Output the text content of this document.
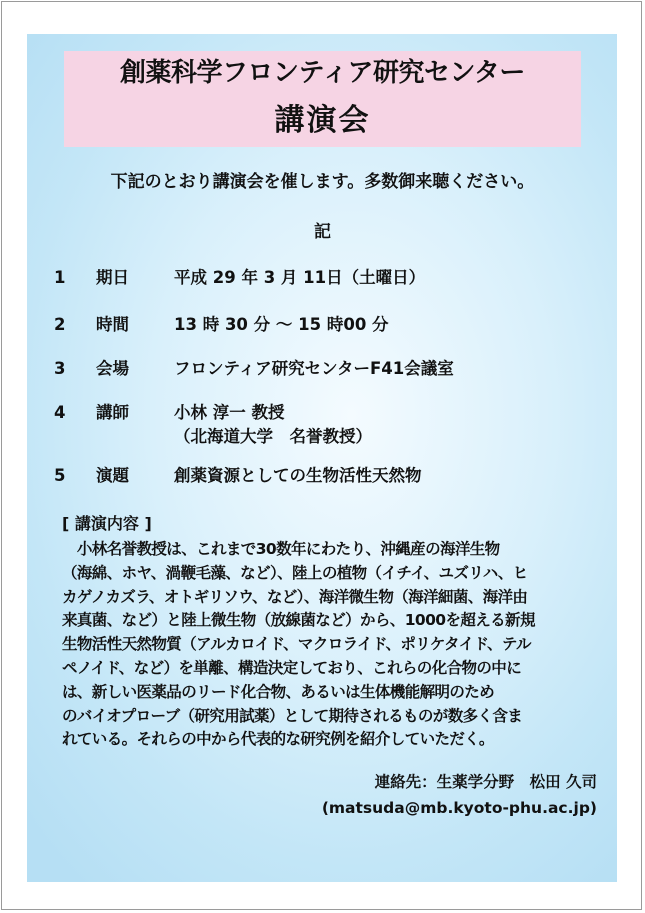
創薬科学フロンティア研究センター
講演会
下記のとおり講演会を催します。多数御来聴ください。
記
1 期日	平成 29 年 3 月 11日（土曜日）
2 時間	13 時 30 分 ～ 15 時00 分
3 会場	フロンティア研究センターF41会議室
4 講師	小林 淳一 教授
（北海道大学　名誉教授）
5 演題	創薬資源としての生物活性天然物
[ 講演内容 ]
　小林名誉教授は、これまで30数年にわたり、沖縄産の海洋生物
（海綿、ホヤ、渦鞭毛藻、など）、陸上の植物（イチイ、ユズリハ、ヒ
カゲノカズラ、オトギリソウ、など）、海洋微生物（海洋細菌、海洋由
来真菌、など）と陸上微生物（放線菌など）から、1000を超える新規
生物活性天然物質（アルカロイド、マクロライド、ポリケタイド、テル
ペノイド、など）を単離、構造決定しており、これらの化合物の中に
は、新しい医薬品のリード化合物、あるいは生体機能解明のため
のバイオプローブ（研究用試薬）として期待されるものが数多く含ま
れている。それらの中から代表的な研究例を紹介していただく。
連絡先：生薬学分野　松田 久司
(matsuda@mb.kyoto-phu.ac.jp)
